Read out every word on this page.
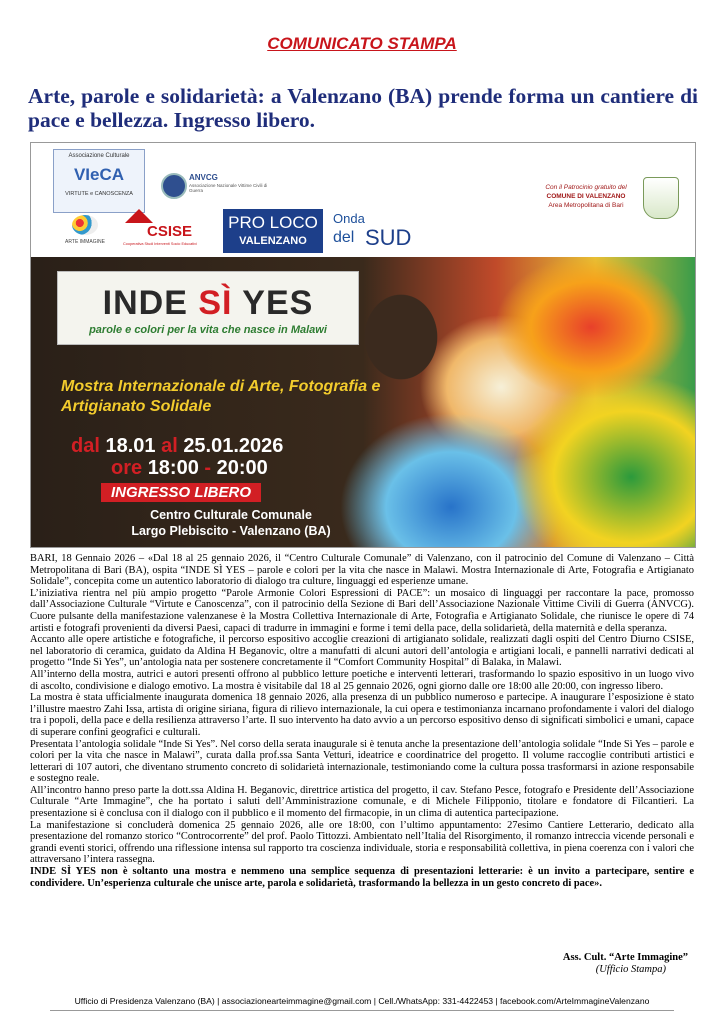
COMUNICATO STAMPA
Arte, parole e solidarietà: a Valenzano (BA) prende forma un cantiere di pace e bellezza. Ingresso libero.
Associazione Culturale
VIeCA
VIRTUTE e CANOSCENZA
ANVCG
Associazione Nazionale Vittime Civili di Guerra	Con il Patrocinio gratuito del
COMUNE DI VALENZANO
Area Metropolitana di Bari
ARTE IMMAGINE
CSISE
Cooperativa Studi Interventi Socio Educativi
PRO LOCO
VALENZANO
Onda
del SUD
INDE SÌ YES
parole e colori per la vita che nasce in Malawi
Mostra Internazionale di Arte, Fotografia e Artigianato Solidale
dal 18.01 al 25.01.2026
ore 18:00 - 20:00
INGRESSO LIBERO
Centro Culturale Comunale
Largo Plebiscito - Valenzano (BA)

BARI, 18 Gennaio 2026 – «Dal 18 al 25 gennaio 2026, il “Centro Culturale Comunale” di Valenzano, con il patrocinio del Comune di Valenzano – Città Metropolitana di Bari (BA), ospita “INDE SÌ YES – parole e colori per la vita che nasce in Malawi. Mostra Internazionale di Arte, Fotografia e Artigianato Solidale”, concepita come un autentico laboratorio di dialogo tra culture, linguaggi ed esperienze umane.

L’iniziativa rientra nel più ampio progetto “Parole Armonie Colori Espressioni di PACE”: un mosaico di linguaggi per raccontare la pace, promosso dall’Associazione Culturale “Virtute e Canoscenza”, con il patrocinio della Sezione di Bari dell’Associazione Nazionale Vittime Civili di Guerra (ANVCG). Cuore pulsante della manifestazione valenzanese è la Mostra Collettiva Internazionale di Arte, Fotografia e Artigianato Solidale, che riunisce le opere di 74 artisti e fotografi provenienti da diversi Paesi, capaci di tradurre in immagini e forme i temi della pace, della solidarietà, della maternità e della speranza.

Accanto alle opere artistiche e fotografiche, il percorso espositivo accoglie creazioni di artigianato solidale, realizzati dagli ospiti del Centro Diurno CSISE, nel laboratorio di ceramica, guidato da Aldina H Beganovic, oltre a manufatti di alcuni autori dell’antologia e artigiani locali, e pannelli narrativi dedicati al progetto “Inde Sì Yes”, un’antologia nata per sostenere concretamente il “Comfort Community Hospital” di Balaka, in Malawi.

All’interno della mostra, autrici e autori presenti offrono al pubblico letture poetiche e interventi letterari, trasformando lo spazio espositivo in un luogo vivo di ascolto, condivisione e dialogo emotivo. La mostra è visitabile dal 18 al 25 gennaio 2026, ogni giorno dalle ore 18:00 alle 20:00, con ingresso libero.

La mostra è stata ufficialmente inaugurata domenica 18 gennaio 2026, alla presenza di un pubblico numeroso e partecipe. A inaugurare l’esposizione è stato l’illustre maestro Zahi Issa, artista di origine siriana, figura di rilievo internazionale, la cui opera e testimonianza incarnano profondamente i valori del dialogo tra i popoli, della pace e della resilienza attraverso l’arte. Il suo intervento ha dato avvio a un percorso espositivo denso di significati simbolici e umani, capace di superare confini geografici e culturali.

Presentata l’antologia solidale “Inde Sì Yes”. Nel corso della serata inaugurale si è tenuta anche la presentazione dell’antologia solidale “Inde Sì Yes – parole e colori per la vita che nasce in Malawi”, curata dalla prof.ssa Santa Vetturi, ideatrice e coordinatrice del progetto. Il volume raccoglie contributi artistici e letterari di 107 autori, che diventano strumento concreto di solidarietà internazionale, testimoniando come la cultura possa trasformarsi in azione responsabile e sostegno reale.

All’incontro hanno preso parte la dott.ssa Aldina H. Beganovic, direttrice artistica del progetto, il cav. Stefano Pesce, fotografo e Presidente dell’Associazione Culturale “Arte Immagine”, che ha portato i saluti dell’Amministrazione comunale, e di Michele Filipponio, titolare e fondatore di Filcantieri. La presentazione si è conclusa con il dialogo con il pubblico e il momento del firmacopie, in un clima di autentica partecipazione.

La manifestazione si concluderà domenica 25 gennaio 2026, alle ore 18:00, con l’ultimo appuntamento: 27esimo Cantiere Letterario, dedicato alla presentazione del romanzo storico “Controcorrente” del prof. Paolo Tittozzi. Ambientato nell’Italia del Risorgimento, il romanzo intreccia vicende personali e grandi eventi storici, offrendo una riflessione intensa sul rapporto tra coscienza individuale, storia e responsabilità collettiva, in piena coerenza con i valori che attraversano l’intera rassegna.

INDE SÌ YES non è soltanto una mostra e nemmeno una semplice sequenza di presentazioni letterarie: è un invito a partecipare, sentire e condividere. Un’esperienza culturale che unisce arte, parola e solidarietà, trasformando la bellezza in un gesto concreto di pace».

Ass. Cult. “Arte Immagine”
(Ufficio Stampa)
Ufficio di Presidenza Valenzano (BA) | associazionearteimmagine@gmail.com | Cell./WhatsApp: 331-4422453 | facebook.com/ArteImmagineValenzano
